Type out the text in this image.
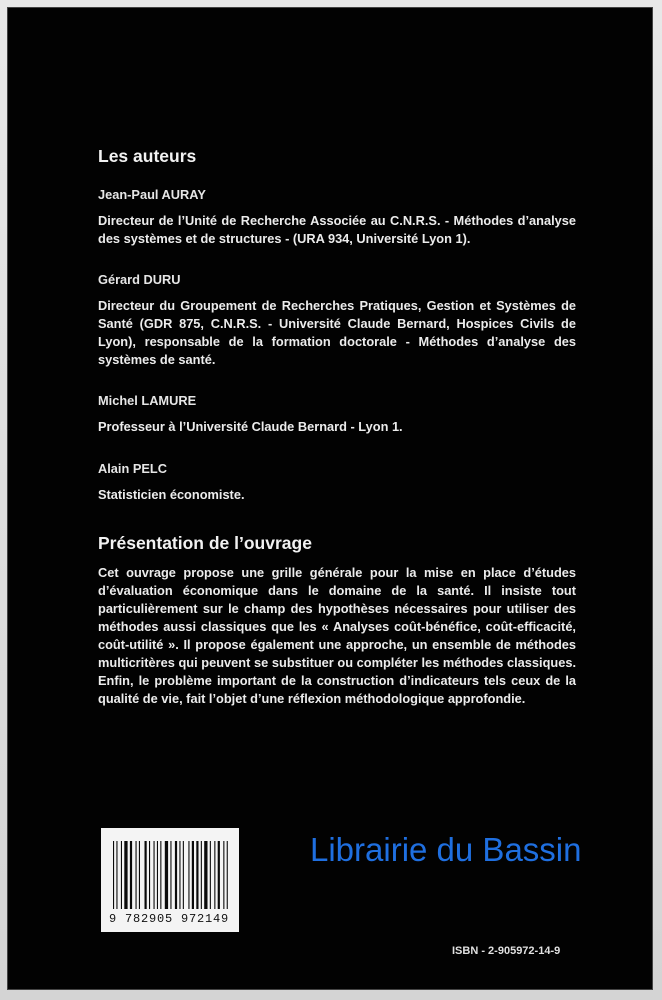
Les auteurs
Jean-Paul AURAY

Directeur de l’Unité de Recherche Associée au C.N.R.S. - Méthodes d’analyse des systèmes et de structures - (URA 934, Université Lyon 1).

Gérard DURU

Directeur du Groupement de Recherches Pratiques, Gestion et Systèmes de Santé (GDR 875, C.N.R.S. - Université Claude Bernard, Hospices Civils de Lyon), responsable de la formation doctorale - Méthodes d’analyse des systèmes de santé.

Michel LAMURE

Professeur à l’Université Claude Bernard - Lyon 1.

Alain PELC

Statisticien économiste.

Présentation de l’ouvrage

Cet ouvrage propose une grille générale pour la mise en place d’études d’évaluation économique dans le domaine de la santé. Il insiste tout particulièrement sur le champ des hypothèses nécessaires pour utiliser des méthodes aussi classiques que les « Analyses coût-bénéfice, coût-efficacité, coût-utilité ». Il propose également une approche, un ensemble de méthodes multicritères qui peuvent se substituer ou compléter les méthodes classiques. Enfin, le problème important de la construction d’indicateurs tels ceux de la qualité de vie, fait l’objet d’une réflexion méthodologique approfondie.

9 782905 972149
Librairie du Bassin
ISBN - 2-905972-14-9
